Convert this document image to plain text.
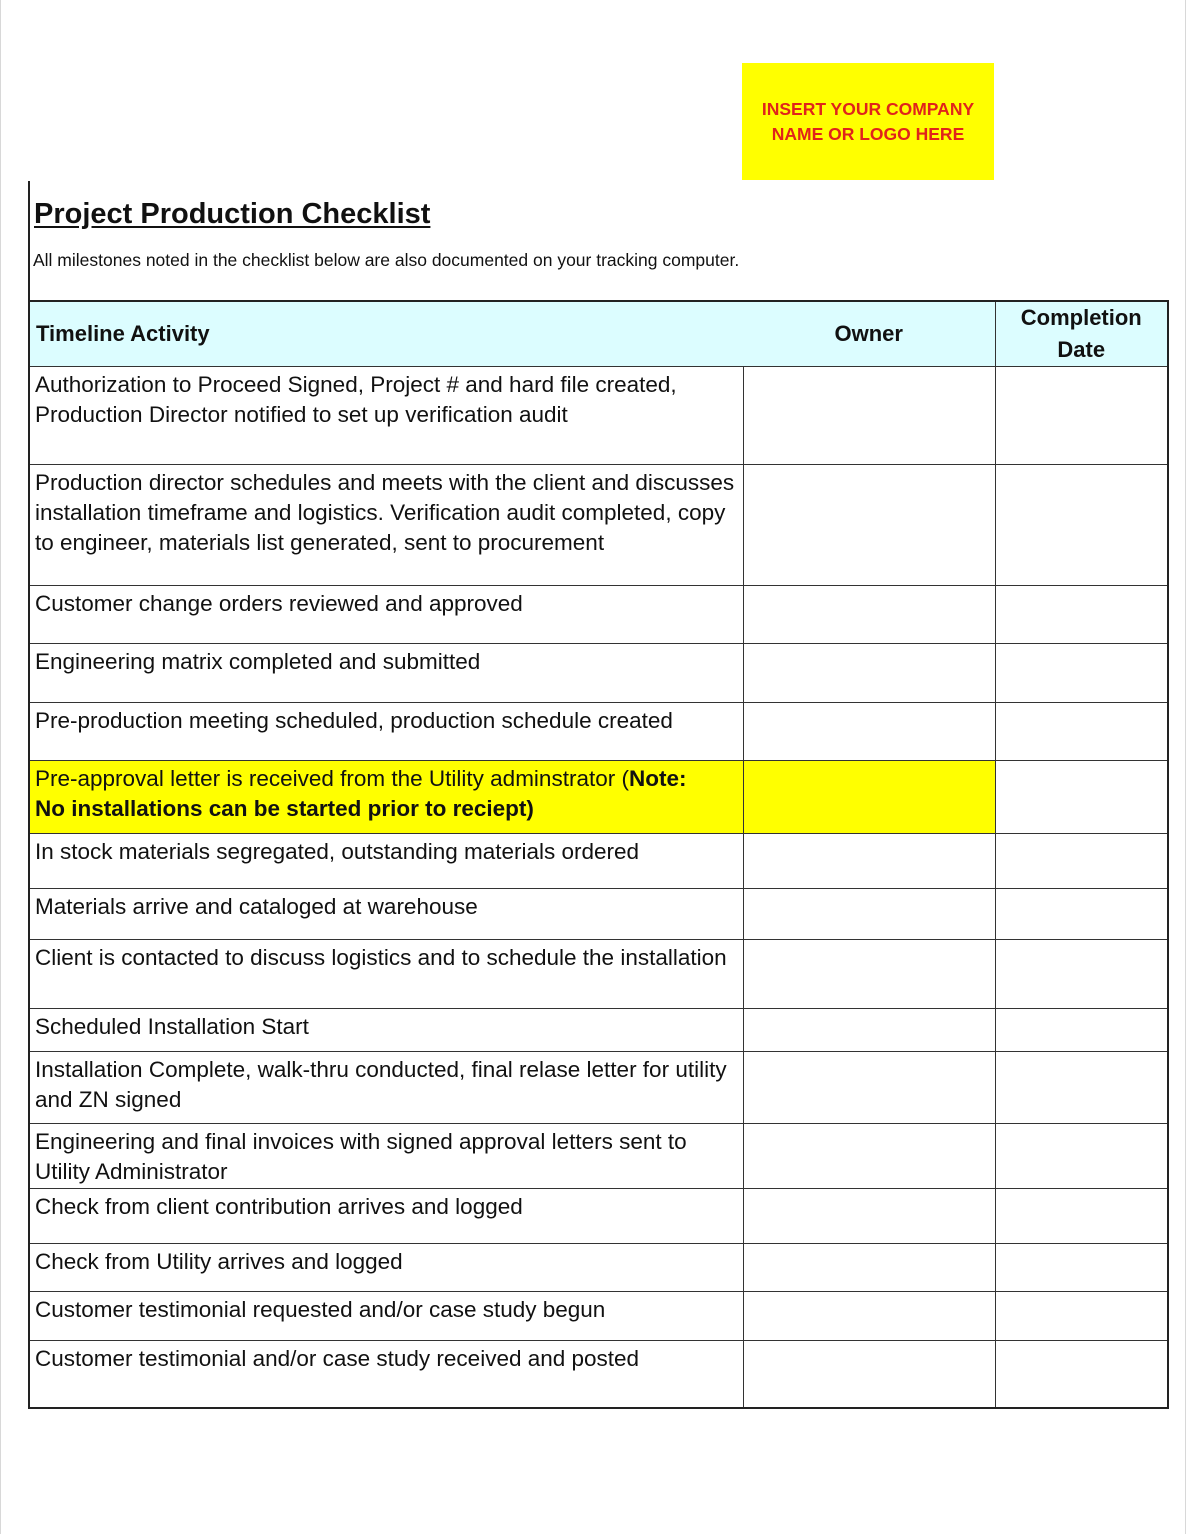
INSERT YOUR COMPANY
NAME OR LOGO HERE
Project Production Checklist
All milestones noted in the checklist below are also documented on your tracking computer.
Timeline Activity	Owner	Completion
Date
Authorization to Proceed Signed, Project # and hard file created, Production Director notified to set up verification audit		
Production director schedules and meets with the client and discusses installation timeframe and logistics. Verification audit completed, copy to engineer, materials list generated, sent to procurement		
Customer change orders reviewed and approved		
Engineering matrix completed and submitted		
Pre-production meeting scheduled, production schedule created		
Pre-approval letter is received from the Utility adminstrator (Note:
No installations can be started prior to reciept)		
In stock materials segregated, outstanding materials ordered		
Materials arrive and cataloged at warehouse		
Client is contacted to discuss logistics and to schedule the installation		
Scheduled Installation Start		
Installation Complete, walk-thru conducted, final relase letter for utility and ZN signed		
Engineering and final invoices with signed approval letters sent to Utility Administrator		
Check from client contribution arrives and logged		
Check from Utility arrives and logged		
Customer testimonial requested and/or case study begun		
Customer testimonial and/or case study received and posted		
